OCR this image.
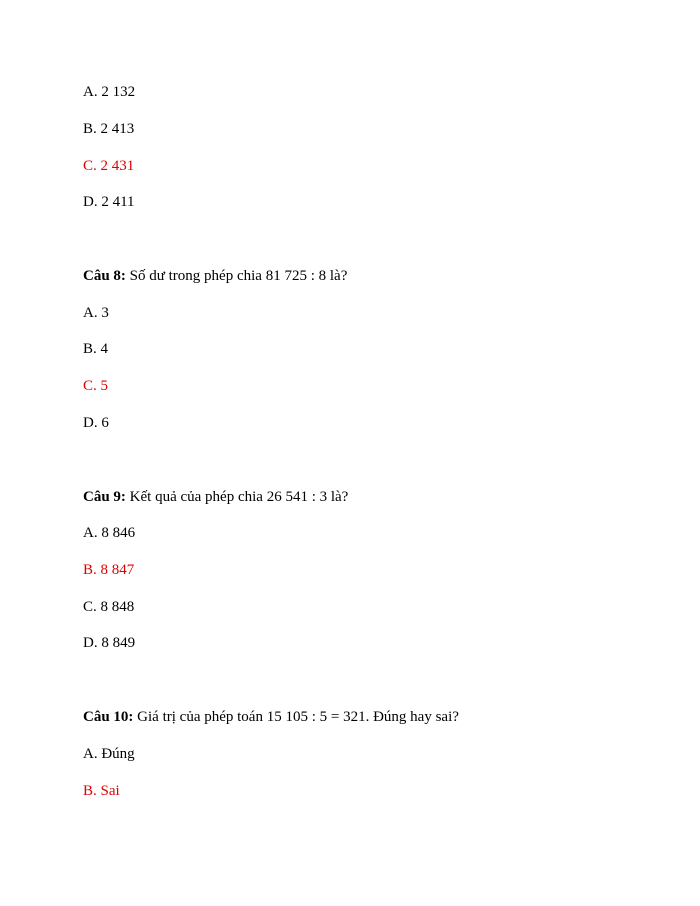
A. 2 132
B. 2 413
C. 2 431
D. 2 411
Câu 8: Số dư trong phép chia 81 725 : 8 là?
A. 3
B. 4
C. 5
D. 6
Câu 9: Kết quả của phép chia 26 541 : 3 là?
A. 8 846
B. 8 847
C. 8 848
D. 8 849
Câu 10: Giá trị của phép toán 15 105 : 5 = 321. Đúng hay sai?
A. Đúng
B. Sai
